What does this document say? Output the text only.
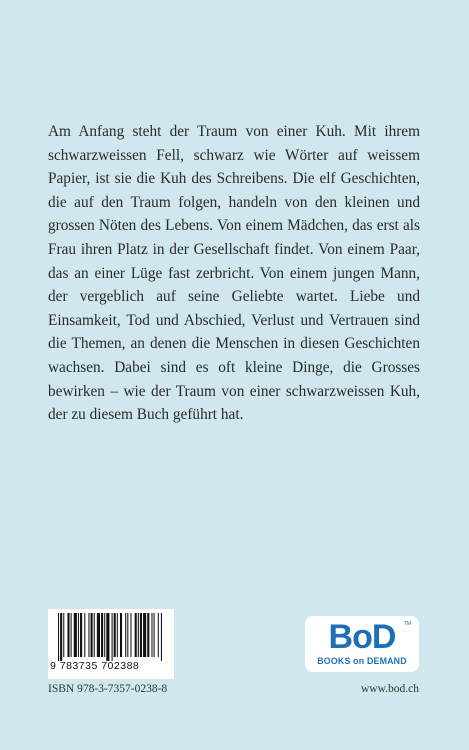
Am Anfang steht der Traum von einer Kuh. Mit ihrem schwarzweissen Fell, schwarz wie Wörter auf weissem Papier, ist sie die Kuh des Schreibens. Die elf Geschichten, die auf den Traum folgen, handeln von den kleinen und grossen Nöten des Lebens. Von einem Mädchen, das erst als Frau ihren Platz in der Gesellschaft findet. Von einem Paar, das an einer Lüge fast zerbricht. Von einem jungen Mann, der vergeblich auf seine Geliebte wartet. Liebe und Einsamkeit, Tod und Abschied, Verlust und Vertrauen sind die Themen, an denen die Menschen in diesen Geschichten wachsen. Dabei sind es oft kleine Dinge, die Grosses bewirken – wie der Traum von einer schwarzweissen Kuh, der zu diesem Buch geführt hat.

9 783735 702388
BoD	TM
BOOKS on DEMAND
ISBN 978-3-7357-0238-8	www.bod.ch
